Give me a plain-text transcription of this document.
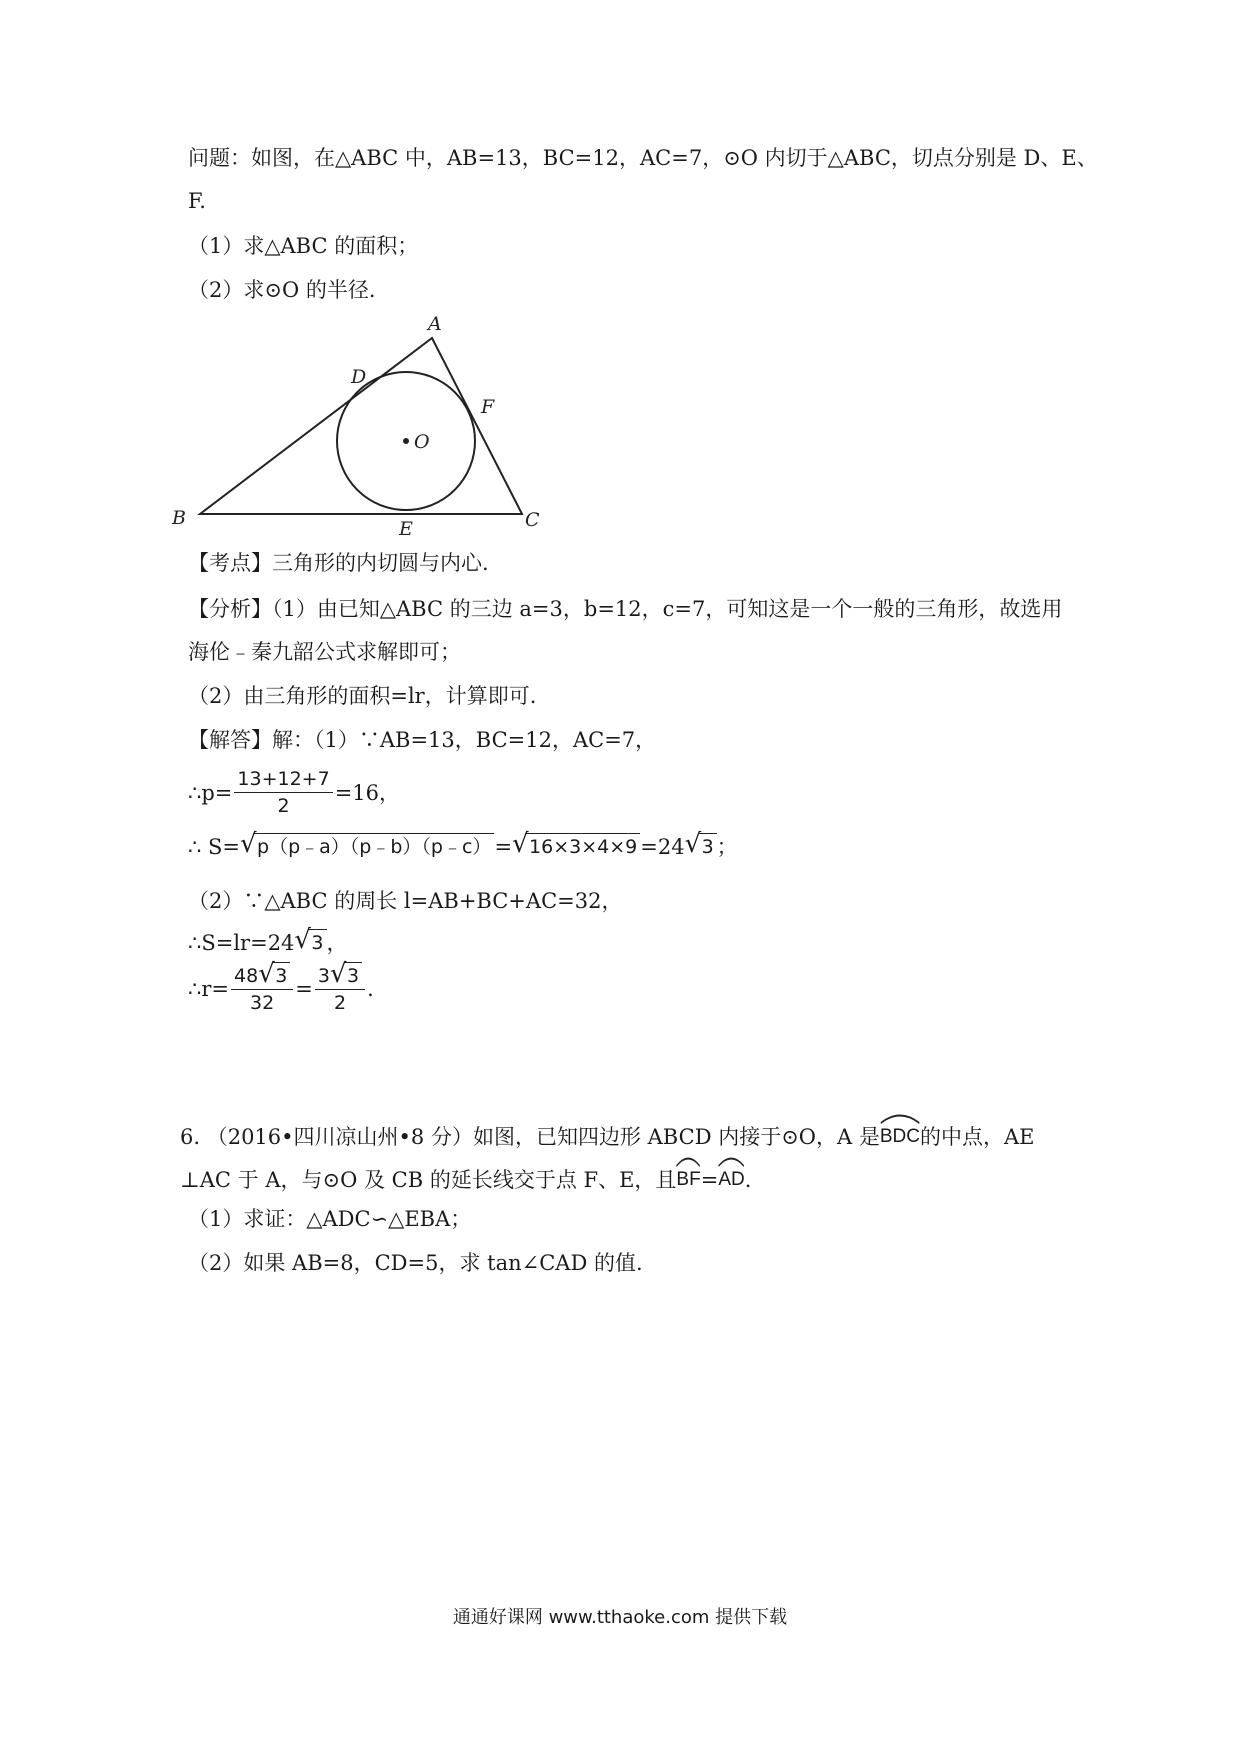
问题：如图，在△ABC 中，AB=13，BC=12，AC=7，⊙O 内切于△ABC，切点分别是 D、E、
F.
（1）求△ABC 的面积；
（2）求⊙O 的半径.
A
B	C
D
E
F
O
【考点】三角形的内切圆与内心.
【分析】（1）由已知△ABC 的三边 a=3，b=12，c=7，可知这是一个一般的三角形，故选用
海伦﹣秦九韶公式求解即可；
（2）由三角形的面积=lr，计算即可.
【解答】解：（1）∵AB=13，BC=12，AC=7，
∴p= $\frac{13+12+7}{2} =16$，
∴ S= √ p（p﹣a）（p﹣b）（p﹣c） = √ 16×3×4×9 =24 √ 3 ；
（2）∵△ABC 的周长 l=AB+BC+AC=32，
∴S=lr=24 √ 3 ，
∴r= $\frac{48 √ 3}{32} = \frac{3 √ 3}{2}$ .
6. （2016•四川凉山州•8 分）如图，已知四边形 ABCD 内接于⊙O，A 是 BDC 的中点，AE
⊥AC 于 A，与⊙O 及 CB 的延长线交于点 F、E，且 BF = AD .
（1）求证：△ADC∽△EBA；
（2）如果 AB=8，CD=5，求 tan∠CAD 的值.
通通好课网 www.tthaoke.com 提供下载
